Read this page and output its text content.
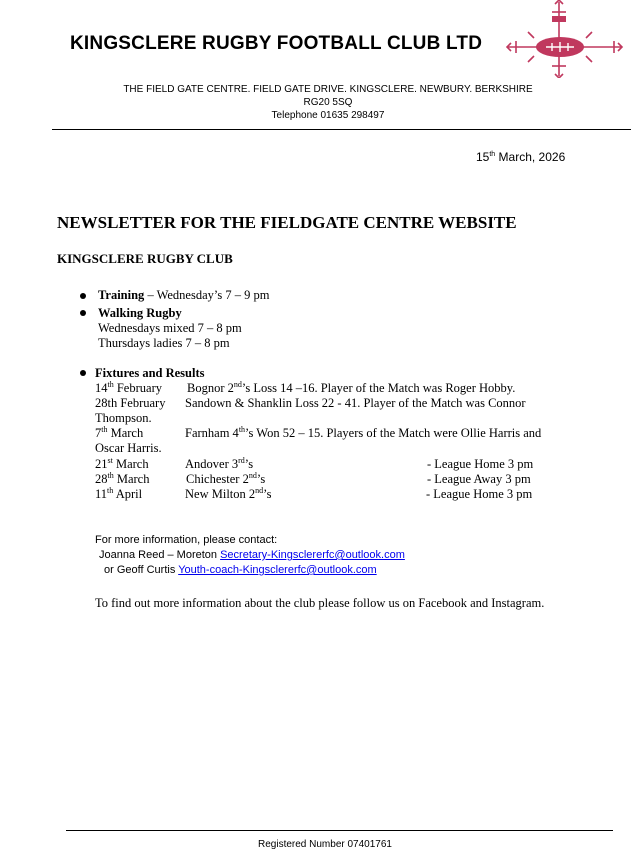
KINGSCLERE RUGBY FOOTBALL CLUB LTD
THE FIELD GATE CENTRE. FIELD GATE DRIVE. KINGSCLERE. NEWBURY. BERKSHIRE
RG20 5SQ
Telephone 01635 298497
15th March, 2026
NEWSLETTER FOR THE FIELDGATE CENTRE WEBSITE
KINGSCLERE RUGBY CLUB
Training – Wednesday’s 7 – 9 pm
Walking Rugby
Wednesdays mixed 7 – 8 pm
Thursdays ladies 7 – 8 pm
Fixtures and Results
14th February Bognor 2nd’s Loss 14 –16. Player of the Match was Roger Hobby.
28th February Sandown & Shanklin Loss 22 - 41. Player of the Match was Connor
Thompson.
7th March	Farnham 4th’s Won 52 – 15. Players of the Match were Ollie Harris and
Oscar Harris.
21st March	Andover 3rd’s	- League Home 3 pm
28th March	Chichester 2nd’s	- League Away 3 pm
11th April	New Milton 2nd’s	- League Home 3 pm
For more information, please contact:
Joanna Reed – Moreton Secretary-Kingsclererfc@outlook.com
or Geoff Curtis Youth-coach-Kingsclererfc@outlook.com
To find out more information about the club please follow us on Facebook and Instagram.
Registered Number 07401761
